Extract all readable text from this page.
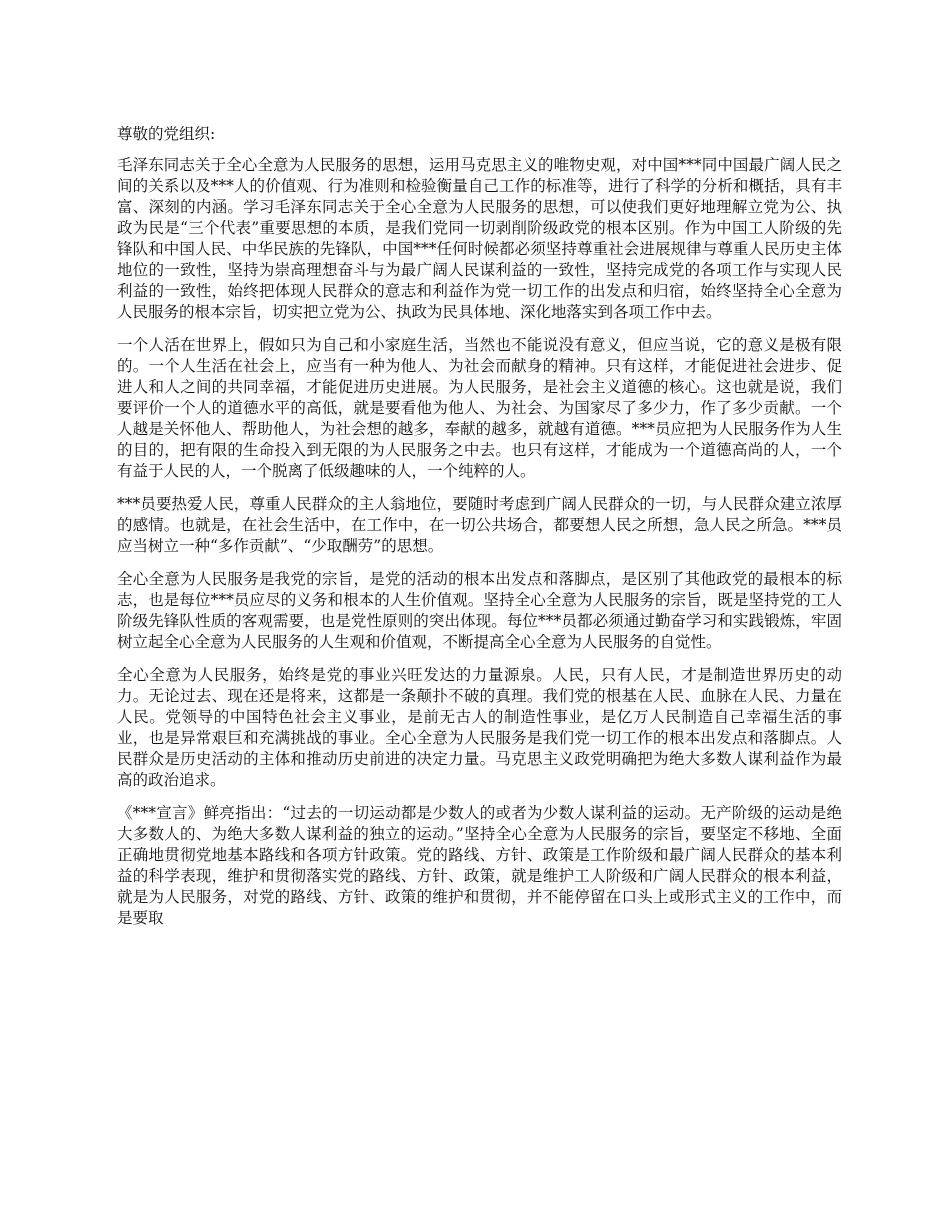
尊敬的党组织:

毛泽东同志关于全心全意为人民服务的思想，运用马克思主义的唯物史观，对中国***同中国最广阔人民之间的关系以及***人的价值观、行为准则和检验衡量自己工作的标准等，进行了科学的分析和概括，具有丰富、深刻的内涵。学习毛泽东同志关于全心全意为人民服务的思想，可以使我们更好地理解立党为公、执政为民是“三个代表”重要思想的本质，是我们党同一切剥削阶级政党的根本区别。作为中国工人阶级的先锋队和中国人民、中华民族的先锋队，中国***任何时候都必须坚持尊重社会进展规律与尊重人民历史主体地位的一致性，坚持为崇高理想奋斗与为最广阔人民谋利益的一致性，坚持完成党的各项工作与实现人民利益的一致性，始终把体现人民群众的意志和利益作为党一切工作的出发点和归宿，始终坚持全心全意为人民服务的根本宗旨，切实把立党为公、执政为民具体地、深化地落实到各项工作中去。

一个人活在世界上，假如只为自己和小家庭生活，当然也不能说没有意义，但应当说，它的意义是极有限的。一个人生活在社会上，应当有一种为他人、为社会而献身的精神。只有这样，才能促进社会进步、促进人和人之间的共同幸福，才能促进历史进展。为人民服务，是社会主义道德的核心。这也就是说，我们要评价一个人的道德水平的高低，就是要看他为他人、为社会、为国家尽了多少力，作了多少贡献。一个人越是关怀他人、帮助他人，为社会想的越多，奉献的越多，就越有道德。***员应把为人民服务作为人生的目的，把有限的生命投入到无限的为人民服务之中去。也只有这样，才能成为一个道德高尚的人，一个有益于人民的人，一个脱离了低级趣味的人，一个纯粹的人。

***员要热爱人民，尊重人民群众的主人翁地位，要随时考虑到广阔人民群众的一切，与人民群众建立浓厚的感情。也就是，在社会生活中，在工作中，在一切公共场合，都要想人民之所想，急人民之所急。***员应当树立一种“多作贡献”、“少取酬劳”的思想。

全心全意为人民服务是我党的宗旨，是党的活动的根本出发点和落脚点，是区别了其他政党的最根本的标志，也是每位***员应尽的义务和根本的人生价值观。坚持全心全意为人民服务的宗旨，既是坚持党的工人阶级先锋队性质的客观需要，也是党性原则的突出体现。每位***员都必须通过勤奋学习和实践锻炼，牢固树立起全心全意为人民服务的人生观和价值观，不断提高全心全意为人民服务的自觉性。

全心全意为人民服务，始终是党的事业兴旺发达的力量源泉。人民，只有人民，才是制造世界历史的动力。无论过去、现在还是将来，这都是一条颠扑不破的真理。我们党的根基在人民、血脉在人民、力量在人民。党领导的中国特色社会主义事业，是前无古人的制造性事业，是亿万人民制造自己幸福生活的事业，也是异常艰巨和充满挑战的事业。全心全意为人民服务是我们党一切工作的根本出发点和落脚点。人民群众是历史活动的主体和推动历史前进的决定力量。马克思主义政党明确把为绝大多数人谋利益作为最高的政治追求。

《***宣言》鲜亮指出：“过去的一切运动都是少数人的或者为少数人谋利益的运动。无产阶级的运动是绝大多数人的、为绝大多数人谋利益的独立的运动。”坚持全心全意为人民服务的宗旨，要坚定不移地、全面正确地贯彻党地基本路线和各项方针政策。党的路线、方针、政策是工作阶级和最广阔人民群众的基本利益的科学表现，维护和贯彻落实党的路线、方针、政策，就是维护工人阶级和广阔人民群众的根本利益，就是为人民服务，对党的路线、方针、政策的维护和贯彻，并不能停留在口头上或形式主义的工作中，而是要取
